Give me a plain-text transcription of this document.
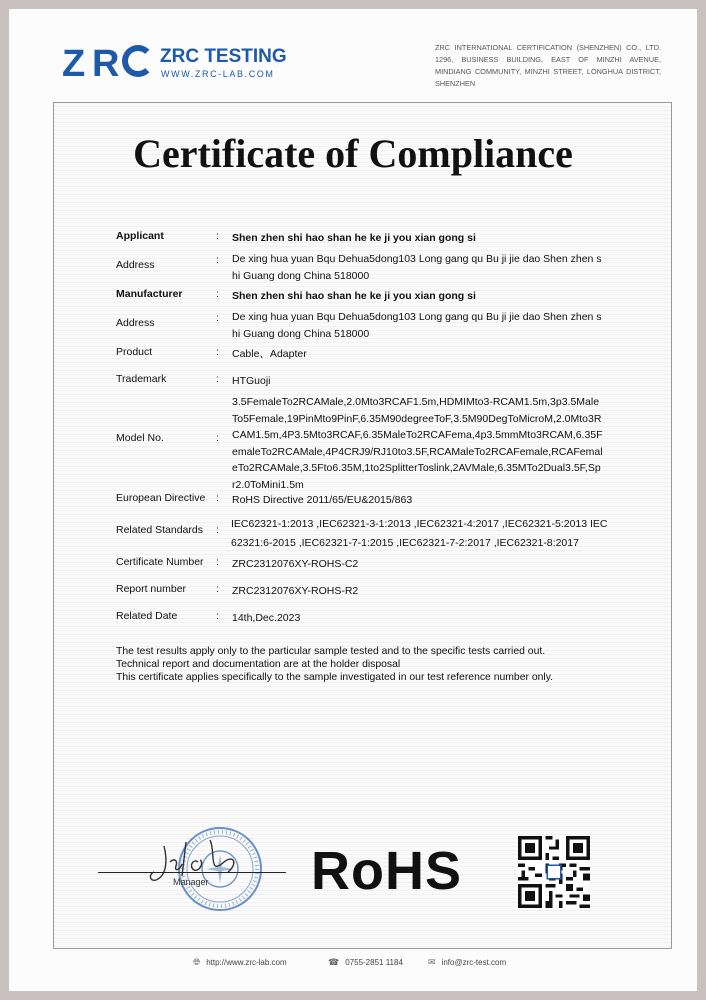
Z R ZRC TESTING
WWW.ZRC-LAB.COM
ZRC INTERNATIONAL CERTIFICATION (SHENZHEN) CO., LTD. 1296, BUSINESS BUILDING, EAST OF MINZHI AVENUE, MINDIANG COMMUNITY, MINZHI STREET, LONGHUA DISTRICT, SHENZHEN
Certificate of Compliance
Applicant	: Shen zhen shi hao shan he ke ji you xian gong si
Address	: De xing hua yuan Bqu Dehua5dong103 Long gang qu Bu ji jie dao Shen zhen shi Guang dong China 518000
Manufacturer	: Shen zhen shi hao shan he ke ji you xian gong si
Address	: De xing hua yuan Bqu Dehua5dong103 Long gang qu Bu ji jie dao Shen zhen shi Guang dong China 518000
Product	: Cable、Adapter
Trademark	: HTGuoji
Model No.	:
3.5FemaleTo2RCAMale,2.0Mto3RCAF1.5m,HDMIMto3-RCAM1.5m,3p3.5MaleTo5Female,19PinMto9PinF,6.35M90degreeToF,3.5M90DegToMicroM,2.0Mto3RCAM1.5m,4P3.5Mto3RCAF,6.35MaleTo2RCAFema,4p3.5mmMto3RCAM,6.35FemaleTo2RCAMale,4P4CRJ9/RJ10to3.5F,RCAMaleTo2RCAFemale,RCAFemaleTo2RCAMale,3.5Fto6.35M,1to2SplitterToslink,2AVMale,6.35MTo2Dual3.5F,Spr2.0ToMini1.5m
European Directive : RoHS Directive 2011/65/EU&2015/863
Related Standards : IEC62321-1:2013 ,IEC62321-3-1:2013 ,IEC62321-4:2017 ,IEC62321-5:2013 IEC62321:6-2015 ,IEC62321-7-1:2015 ,IEC62321-7-2:2017 ,IEC62321-8:2017
Certificate Number : ZRC2312076XY-ROHS-C2
Report number	: ZRC2312076XY-ROHS-R2
Related Date	: 14th,Dec.2023
The test results apply only to the particular sample tested and to the specific tests carried out.
Technical report and documentation are at the holder disposal
This certificate applies specifically to the sample investigated in our test reference number only.
Manager RoHS
🌐︎ http://www.zrc-lab.com	☎ 0755-2851 1184	✉ info@zrc-test.com
